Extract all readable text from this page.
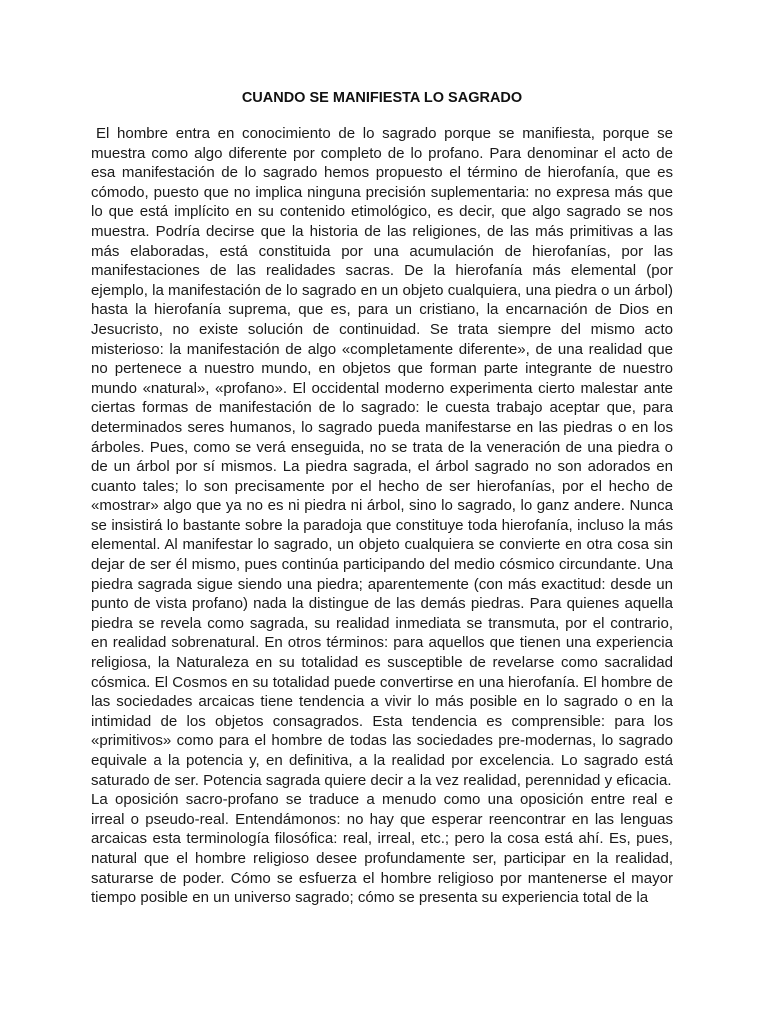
CUANDO SE MANIFIESTA LO SAGRADO

El hombre entra en conocimiento de lo sagrado porque se manifiesta, porque se muestra como algo diferente por completo de lo profano. Para denominar el acto de esa manifestación de lo sagrado hemos propuesto el término de hierofanía, que es cómodo, puesto que no implica ninguna precisión suplementaria: no expresa más que lo que está implícito en su contenido etimológico, es decir, que algo sagrado se nos muestra. Podría decirse que la historia de las religiones, de las más primitivas a las más elaboradas, está constituida por una acumulación de hierofanías, por las manifestaciones de las realidades sacras. De la hierofanía más elemental (por ejemplo, la manifestación de lo sagrado en un objeto cualquiera, una piedra o un árbol) hasta la hierofanía suprema, que es, para un cristiano, la encarnación de Dios en Jesucristo, no existe solución de continuidad. Se trata siempre del mismo acto misterioso: la manifestación de algo «completamente diferente», de una realidad que no pertenece a nuestro mundo, en objetos que forman parte integrante de nuestro mundo «natural», «profano». El occidental moderno experimenta cierto malestar ante ciertas formas de manifestación de lo sagrado: le cuesta trabajo aceptar que, para determinados seres humanos, lo sagrado pueda manifestarse en las piedras o en los árboles. Pues, como se verá enseguida, no se trata de la veneración de una piedra o de un árbol por sí mismos. La piedra sagrada, el árbol sagrado no son adorados en cuanto tales; lo son precisamente por el hecho de ser hierofanías, por el hecho de «mostrar» algo que ya no es ni piedra ni árbol, sino lo sagrado, lo ganz andere. Nunca se insistirá lo bastante sobre la paradoja que constituye toda hierofanía, incluso la más elemental. Al manifestar lo sagrado, un objeto cualquiera se convierte en otra cosa sin dejar de ser él mismo, pues continúa participando del medio cósmico circundante. Una piedra sagrada sigue siendo una piedra; aparentemente (con más exactitud: desde un punto de vista profano) nada la distingue de las demás piedras. Para quienes aquella piedra se revela como sagrada, su realidad inmediata se transmuta, por el contrario, en realidad sobrenatural. En otros términos: para aquellos que tienen una experiencia religiosa, la Naturaleza en su totalidad es susceptible de revelarse como sacralidad cósmica. El Cosmos en su totalidad puede convertirse en una hierofanía. El hombre de las sociedades arcaicas tiene tendencia a vivir lo más posible en lo sagrado o en la intimidad de los objetos consagrados. Esta tendencia es comprensible: para los «primitivos» como para el hombre de todas las sociedades pre-modernas, lo sagrado equivale a la potencia y, en definitiva, a la realidad por excelencia. Lo sagrado está saturado de ser. Potencia sagrada quiere decir a la vez realidad, perennidad y eficacia.

La oposición sacro-profano se traduce a menudo como una oposición entre real e irreal o pseudo-real. Entendámonos: no hay que esperar reencontrar en las lenguas arcaicas esta terminología filosófica: real, irreal, etc.; pero la cosa está ahí. Es, pues, natural que el hombre religioso desee profundamente ser, participar en la realidad, saturarse de poder. Cómo se esfuerza el hombre religioso por mantenerse el mayor tiempo posible en un universo sagrado; cómo se presenta su experiencia total de la
